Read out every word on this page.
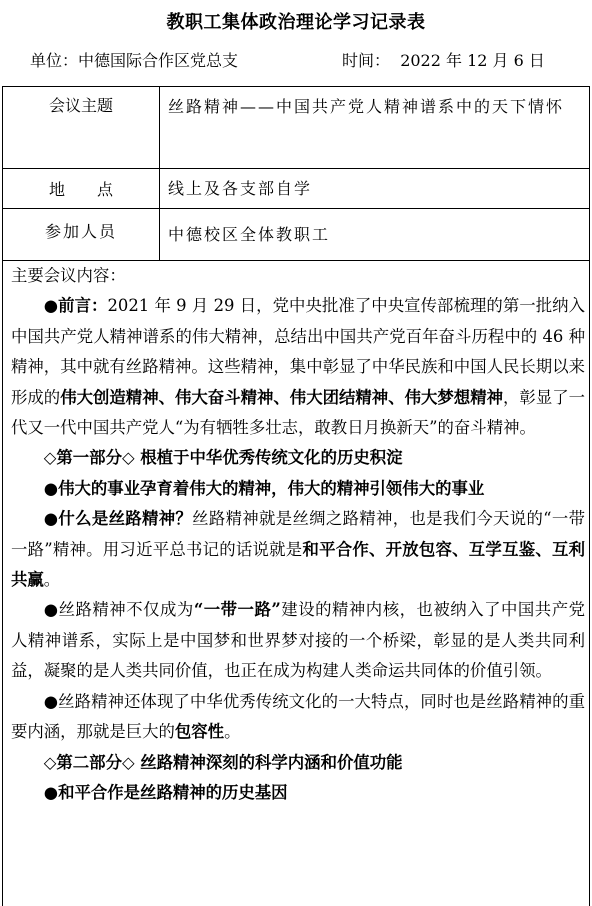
教职工集体政治理论学习记录表
单位：中德国际合作区党总支	时间： 2022 年 12 月 6 日
会议主题	丝路精神——中国共产党人精神谱系中的天下情怀
地点	线上及各支部自学
参加人员	中德校区全体教职工

主要会议内容：

●前言：2021 年 9 月 29 日，党中央批准了中央宣传部梳理的第一批纳入中国共产党人精神谱系的伟大精神，总结出中国共产党百年奋斗历程中的 46 种精神，其中就有丝路精神。这些精神，集中彰显了中华民族和中国人民长期以来形成的伟大创造精神、伟大奋斗精神、伟大团结精神、伟大梦想精神，彰显了一代又一代中国共产党人“为有牺牲多壮志，敢教日月换新天”的奋斗精神。

◇第一部分◇ 根植于中华优秀传统文化的历史积淀

●伟大的事业孕育着伟大的精神，伟大的精神引领伟大的事业

●什么是丝路精神？丝路精神就是丝绸之路精神，也是我们今天说的“一带一路”精神。用习近平总书记的话说就是和平合作、开放包容、互学互鉴、互利共赢。

●丝路精神不仅成为“一带一路”建设的精神内核，也被纳入了中国共产党人精神谱系，实际上是中国梦和世界梦对接的一个桥梁，彰显的是人类共同利益，凝聚的是人类共同价值，也正在成为构建人类命运共同体的价值引领。

●丝路精神还体现了中华优秀传统文化的一大特点，同时也是丝路精神的重要内涵，那就是巨大的包容性。

◇第二部分◇ 丝路精神深刻的科学内涵和价值功能

●和平合作是丝路精神的历史基因
